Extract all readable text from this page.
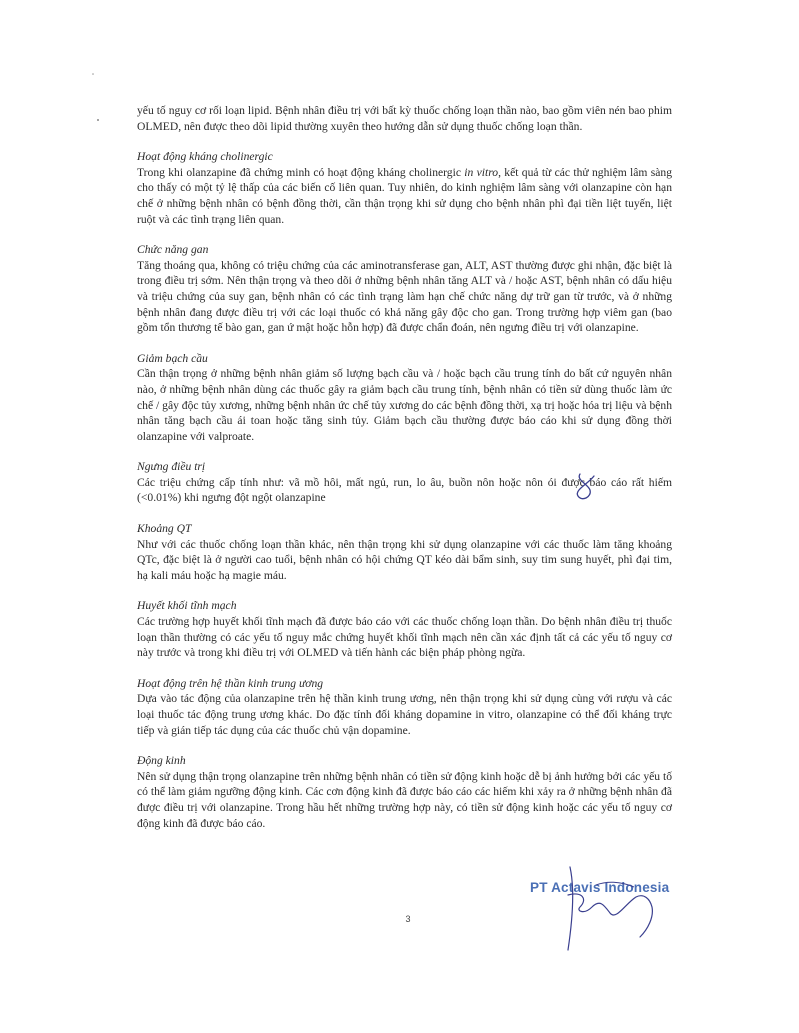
yếu tố nguy cơ rối loạn lipid. Bệnh nhân điều trị với bất kỳ thuốc chống loạn thần nào, bao gồm viên nén bao phim OLMED, nên được theo dõi lipid thường xuyên theo hướng dẫn sử dụng thuốc chống loạn thần.

Hoạt động kháng cholinergic

Trong khi olanzapine đã chứng minh có hoạt động kháng cholinergic in vitro, kết quả từ các thử nghiệm lâm sàng cho thấy có một tỷ lệ thấp của các biến cố liên quan. Tuy nhiên, do kinh nghiệm lâm sàng với olanzapine còn hạn chế ở những bệnh nhân có bệnh đồng thời, cần thận trọng khi sử dụng cho bệnh nhân phì đại tiền liệt tuyến, liệt ruột và các tình trạng liên quan.

Chức năng gan

Tăng thoáng qua, không có triệu chứng của các aminotransferase gan, ALT, AST thường được ghi nhận, đặc biệt là trong điều trị sớm. Nên thận trọng và theo dõi ở những bệnh nhân tăng ALT và / hoặc AST, bệnh nhân có dấu hiệu và triệu chứng của suy gan, bệnh nhân có các tình trạng làm hạn chế chức năng dự trữ gan từ trước, và ở những bệnh nhân đang được điều trị với các loại thuốc có khả năng gây độc cho gan. Trong trường hợp viêm gan (bao gồm tổn thương tế bào gan, gan ứ mật hoặc hỗn hợp) đã được chẩn đoán, nên ngưng điều trị với olanzapine.

Giảm bạch cầu

Cần thận trọng ở những bệnh nhân giảm số lượng bạch cầu và / hoặc bạch cầu trung tính do bất cứ nguyên nhân nào, ở những bệnh nhân dùng các thuốc gây ra giảm bạch cầu trung tính, bệnh nhân có tiền sử dùng thuốc làm ức chế / gây độc tủy xương, những bệnh nhân ức chế tủy xương do các bệnh đồng thời, xạ trị hoặc hóa trị liệu và bệnh nhân tăng bạch cầu ái toan hoặc tăng sinh tủy. Giảm bạch cầu thường được báo cáo khi sử dụng đồng thời olanzapine với valproate.

Ngưng điều trị

Các triệu chứng cấp tính như: vã mồ hôi, mất ngủ, run, lo âu, buồn nôn hoặc nôn ói được báo cáo rất hiếm (<0.01%) khi ngưng đột ngột olanzapine

Khoảng QT

Như với các thuốc chống loạn thần khác, nên thận trọng khi sử dụng olanzapine với các thuốc làm tăng khoảng QTc, đặc biệt là ở người cao tuổi, bệnh nhân có hội chứng QT kéo dài bẩm sinh, suy tim sung huyết, phì đại tim, hạ kali máu hoặc hạ magie máu.

Huyết khối tĩnh mạch

Các trường hợp huyết khối tĩnh mạch đã được báo cáo với các thuốc chống loạn thần. Do bệnh nhân điều trị thuốc loạn thần thường có các yếu tố nguy mắc chứng huyết khối tĩnh mạch nên cần xác định tất cả các yếu tố nguy cơ này trước và trong khi điều trị với OLMED và tiến hành các biện pháp phòng ngừa.

Hoạt động trên hệ thần kinh trung ương

Dựa vào tác động của olanzapine trên hệ thần kinh trung ương, nên thận trọng khi sử dụng cùng với rượu và các loại thuốc tác động trung ương khác. Do đặc tính đối kháng dopamine in vitro, olanzapine có thể đối kháng trực tiếp và gián tiếp tác dụng của các thuốc chủ vận dopamine.

Động kinh

Nên sử dụng thận trọng olanzapine trên những bệnh nhân có tiền sử động kinh hoặc dễ bị ảnh hưởng bởi các yếu tố có thể làm giảm ngưỡng động kinh. Các cơn động kinh đã được báo cáo các hiếm khi xảy ra ở những bệnh nhân đã được điều trị với olanzapine. Trong hầu hết những trường hợp này, có tiền sử động kinh hoặc các yếu tố nguy cơ động kinh đã được báo cáo.

PT Actavis Indonesia
3
